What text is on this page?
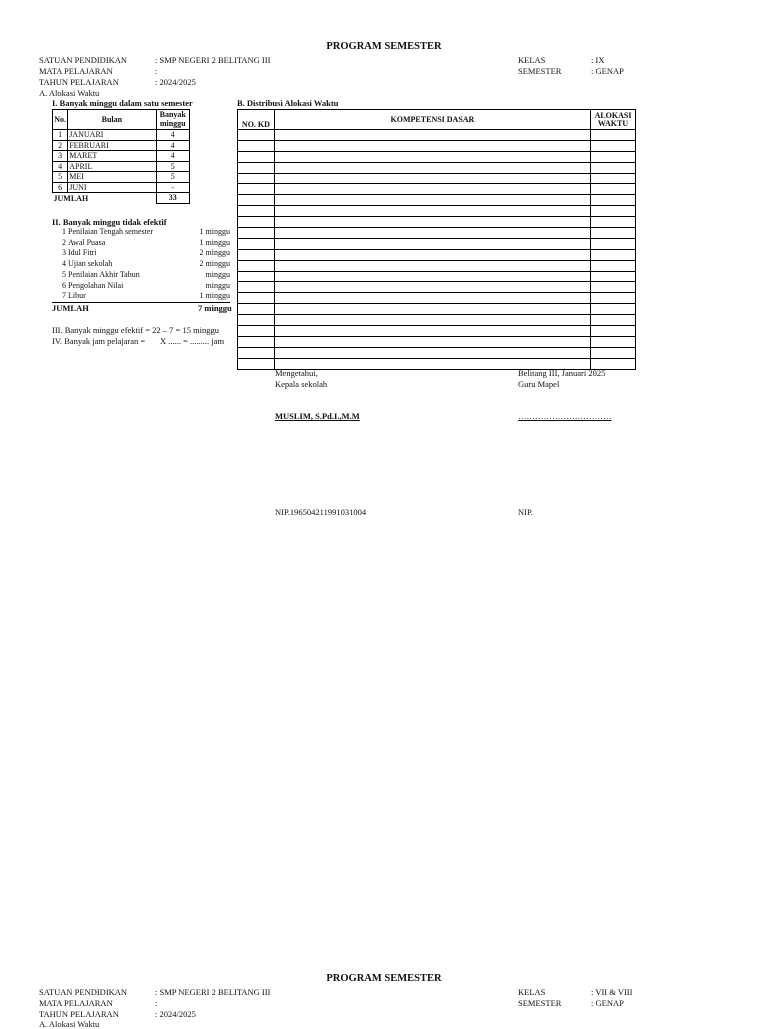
PROGRAM SEMESTER
SATUAN PENDIDIKAN	: SMP NEGERI 2 BELITANG III
MATA PELAJARAN	:
TAHUN PELAJARAN	: 2024/2025
KELAS	: IX
SEMESTER	: GENAP
A. Alokasi Waktu
I. Banyak minggu dalam satu semester	B. Distribusi Alokasi Waktu
No.	Bulan	Banyak minggu
1	JANUARI	4
2	FEBRUARI	4
3	MARET	4
4	APRIL	5
5	MEI	5
6	JUNI	-
JUMLAH		33
II. Banyak minggu tidak efektif
1 Penilaian Tengah semester	1 minggu
2 Awal Puasa	1 minggu
3 Idul Fitri	2 minggu
4 Ujian sekolah	2 minggu
5 Penilaian Akhir Tahun	minggu
6 Pengolahan Nilai	minggu
7 Libur	1 minggu
JUMLAH	7 minggu
III. Banyak minggu efektif = 22 – 7 = 15 minggu
IV. Banyak jam pelajaran = X ...... = ......... jam
NO. KD	KOMPETENSI DASAR	ALOKASI WAKTU

Mengetahui,
Kepala sekolah
MUSLIM, S.Pd.I.,M.M
NIP.196504211991031004
Belitang III, Januari 2025
Guru Mapel
……………………………
NIP.
PROGRAM SEMESTER
SATUAN PENDIDIKAN	: SMP NEGERI 2 BELITANG III
MATA PELAJARAN	:
TAHUN PELAJARAN	: 2024/2025
KELAS	: VII & VIII
SEMESTER	: GENAP
A. Alokasi Waktu
